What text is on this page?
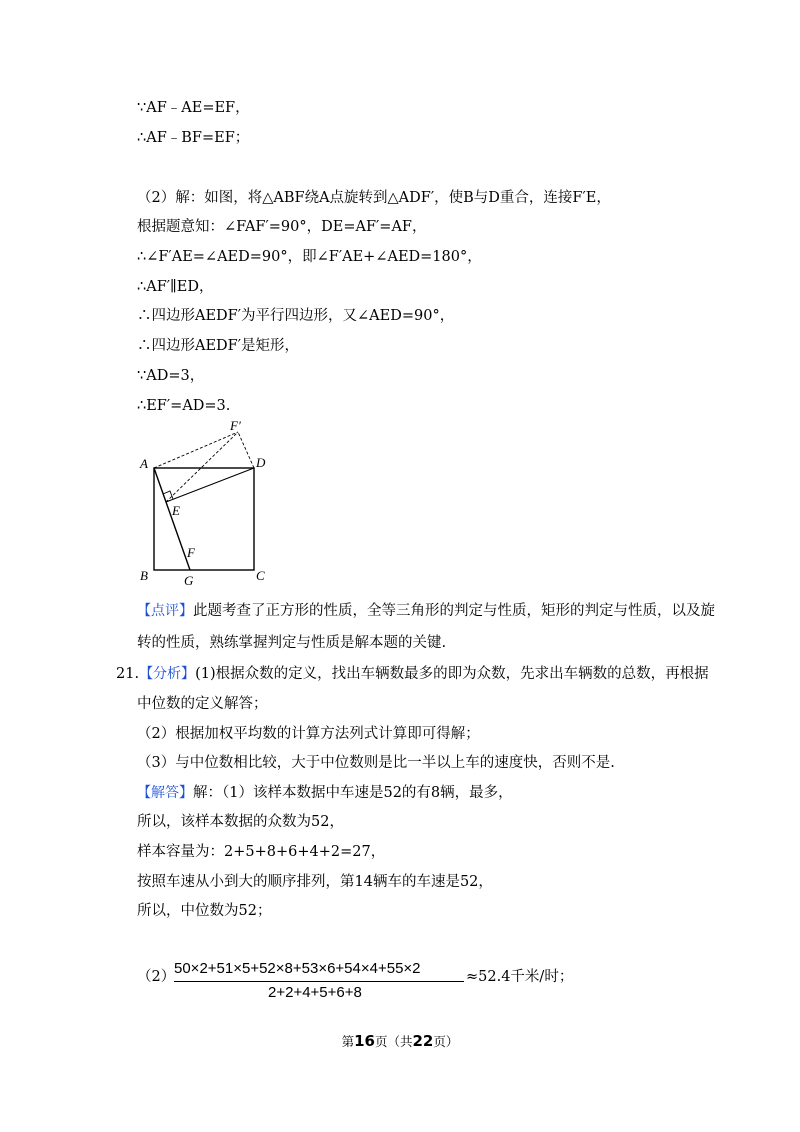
∵AF﹣AE=EF，
∴AF﹣BF=EF；
（2）解：如图，将△ABF绕A点旋转到△ADF′，使B与D重合，连接F′E，
根据题意知：∠FAF′=90°，DE=AF′=AF，
∴∠F′AE=∠AED=90°，即∠F′AE+∠AED=180°，
∴AF′∥ED，
∴四边形AEDF′为平行四边形，又∠AED=90°，
∴四边形AEDF′是矩形，
∵AD=3，
∴EF′=AD=3.
A	D
F′
E
F
B	G	C
【点评】此题考查了正方形的性质，全等三角形的判定与性质，矩形的判定与性质，以及旋
转的性质，熟练掌握判定与性质是解本题的关键.
21.【分析】(1)根据众数的定义，找出车辆数最多的即为众数，先求出车辆数的总数，再根据
中位数的定义解答；
（2）根据加权平均数的计算方法列式计算即可得解；
（3）与中位数相比较，大于中位数则是比一半以上车的速度快，否则不是.
【解答】解：（1）该样本数据中车速是52的有8辆，最多，
所以，该样本数据的众数为52，
样本容量为：2+5+8+6+4+2=27，
按照车速从小到大的顺序排列，第14辆车的车速是52，
所以，中位数为52；
（2）
50×2+51×5+52×8+53×6+54×4+55×2
2+2+4+5+6+8
≈52.4千米/时；
第16页（共22页）
